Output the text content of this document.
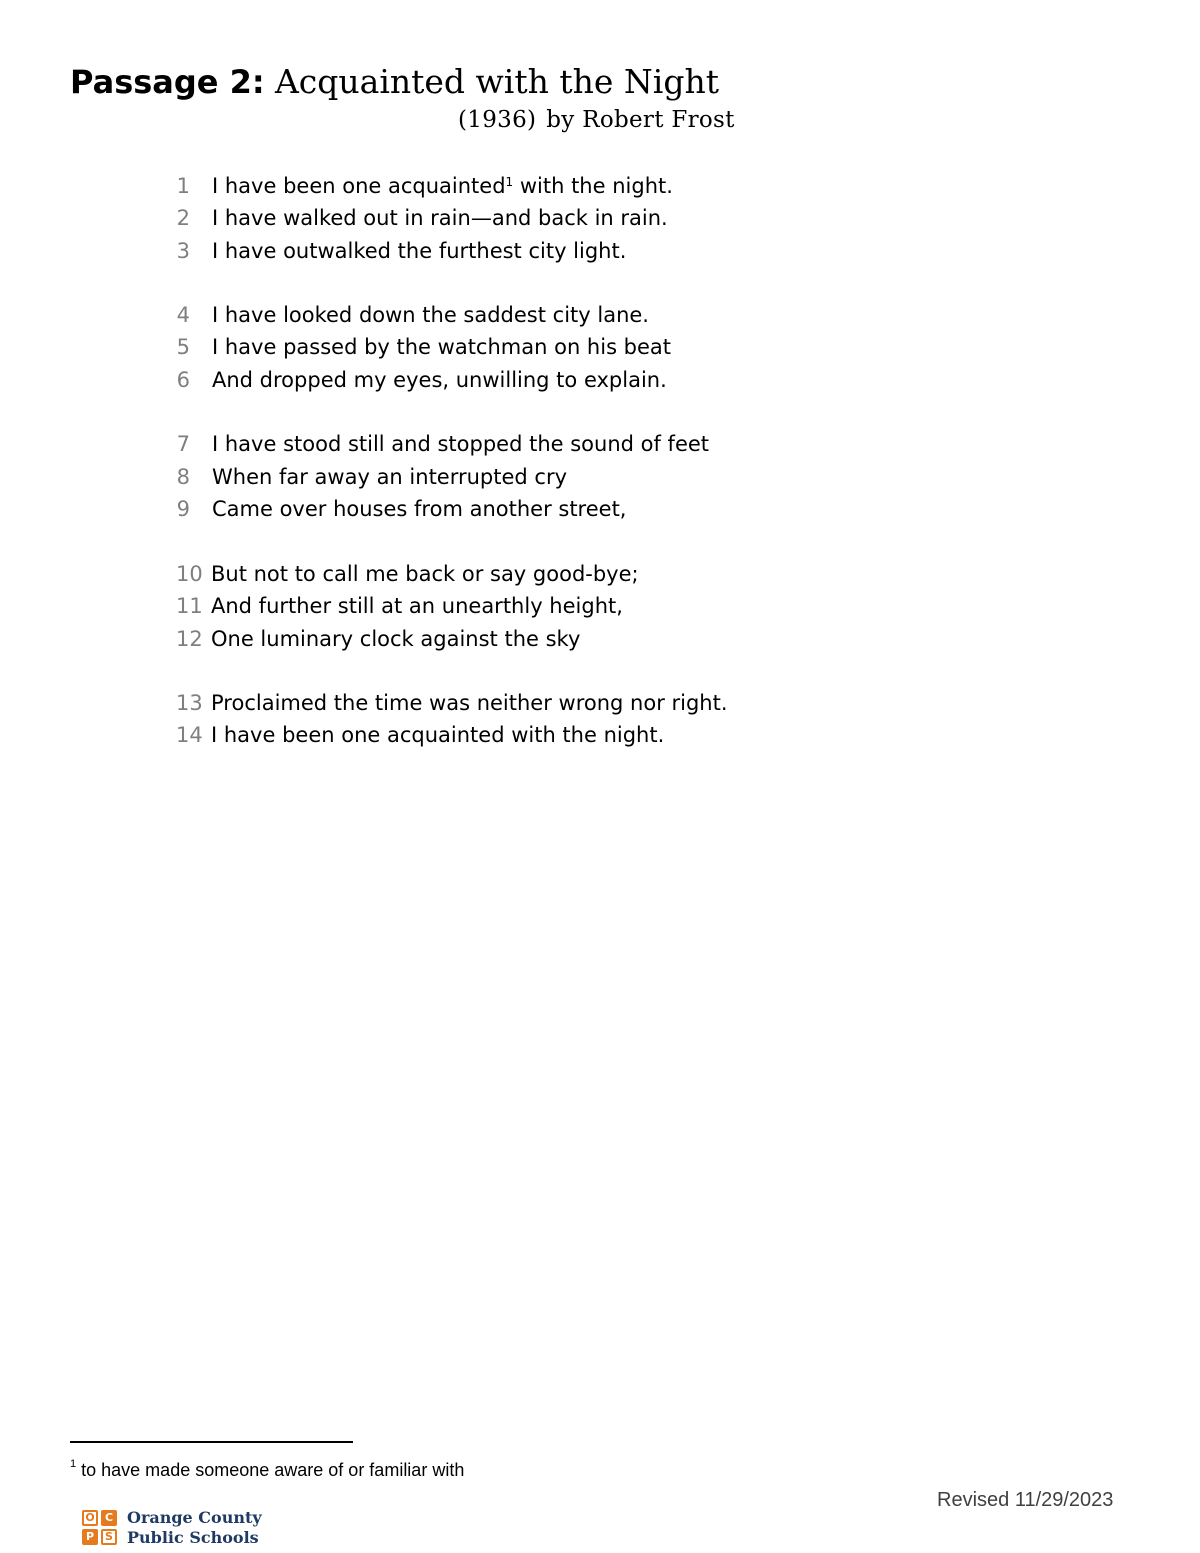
Passage 2: Acquainted with the Night
(1936) by Robert Frost
1 I have been one acquainted$^1$ with the night.
2 I have walked out in rain—and back in rain.
3 I have outwalked the furthest city light.
4 I have looked down the saddest city lane.
5 I have passed by the watchman on his beat
6 And dropped my eyes, unwilling to explain.
7 I have stood still and stopped the sound of feet
8 When far away an interrupted cry
9 Came over houses from another street,
10 But not to call me back or say good-bye;
11 And further still at an unearthly height,
12 One luminary clock against the sky
13 Proclaimed the time was neither wrong nor right.
14 I have been one acquainted with the night.
$^1$ to have made someone aware of or familiar with
Revised 11/29/2023
O C
P	S
Orange County
Public Schools
